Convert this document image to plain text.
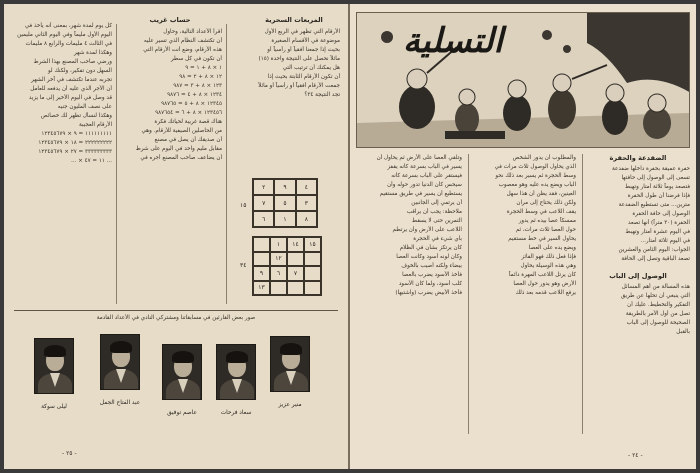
المربعات السحرية
الأرقام التي تظهر في الربع الأول
موضوعة في الأقسام الصغيرة
بحيث إذا جمعنا أفقياً أو رأسياً أو
مائلاً نحصل على النتيجة واحدة (١٥)
هل يمكنك أن ترتيب التي
أن تكون الأرقام الثابتة بحيث إذا
جمعت الأرقام أفقياً أو رأسياً أو مائلاً
تجد النتيجة ٣٤؟
١٥
٤
٩
٢
٣
٥
٧
٨
١
٦
٣٤
١٥
١٤
١
١٢
٧
٦
٩
١٣
حساب غريب
اقرأ الأعداد التالية، وحاول
أن تكتشف النظام الذي تسير عليه
هذه الأرقام، وضع أنت الأرقام التي
أن تكون في كل سطر
١ × ٨ + ١ = ٩
١٢ × ٨ + ٢ = ٩٨
١٢٣ × ٨ + ٣ = ٩٨٧
١٢٣٤ × ٨ + ٤ = ٩٨٧٦
١٢٣٤٥ × ٨ + ٥ = ٩٨٧٦٥
١٢٣٤٥٦ × ٨ + ٦ = ٩٨٧٦٥٤
هناك قصة غريبة لحياتك فكرة
من الحاصلين الصيفية للأرقام. وهي
أن صديقك أن يصل في مصنع
مقابل مليم واحد في اليوم على شرط
أن يضاعف صاحب المصنع أجره في
كل يوم لمدة شهر، بمعنى أنه يأخذ في
اليوم الأول مليماً وفي اليوم الثاني مليمين
في الثالث ٤ مليمات والرابع ٨ مليمات
وهكذا لمدة شهر
ورضي صاحب المصنع بهذا الشرط
السهل دون تفكير، ولكنك لو
تجربه عندما تكتشف في آخر الشهر
أن الأجر الذي عليه أن يدفعه للعامل
قد وصل في اليوم الأخير إلى ما يزيد
على نصف المليون جنيه
وهكذا لنسأل تظهر لك خصائص
الأرقام العجيبة
١١١١١١١١١ = ٩ × ١٢٣٤٥٦٧٩
٢٢٢٢٢٢٢٢٢ = ١٨ × ١٢٣٤٥٦٧٩
٣٣٣٣٣٣٣٣٣ = ٢٧ × ١٢٣٤٥٦٧٩
... ١١ = ٤٧ × ...
صور بعض القارئين في مسابقاتنا ومشتركي النادي في الأعداد القادمة
ليلى سوكة
عبد الفتاح الجمل
عاصم توفيق	سعاد فرحات
منير عزيز
- ٢٥ -
التسلية
الضفدعة والحفرة
حفرة عميقة بحفرة داخلها ضفدعة
تسعى إلى الوصول إلى حافتها
فتصعد يوماً ثلاثة أمتار وتهبط
فإذا فرضنا أن طول الحفرة
مترين... متى تستطيع الضفدعة
الوصول إلى حافة الحفرة
الحفرة (٣٠ متراً) أنها تصعد
في اليوم عشرة أمتار وتهبط
في اليوم ثلاثة أمتار...
الجواب: اليوم الثامن والعشرين
تصعد الباقية وتصل إلى الحافة
الوصول إلى الباب
هذه المسألة من أهم المسائل
التي ينبغي أن تحلها عن طريق
التفكير والتخطيط. عليك أن
تصل من أول الأمر بالطريقة
الصحيحة للوصول إلى الباب
بالقبل
والمطلوب أن يدور الشخص
الذي يحاول الوصول ثلاث مرات في
وسط الحجرة ثم يسير بعد ذلك نحو
الباب ويضع يده عليه وهو معصوب
العينين، فقد يظن أن هذا سهل
ولكن ذلك يحتاج إلى مران
يقف اللاعب في وسط الحجرة
ممسكاً عصا بيده ثم يدور
حول العصا ثلاث مرات، ثم
يحاول السير في خط مستقيم
ويضع يده على العصا
فإذا فعل ذلك فهو الفائز
وهي هذه الوسيلة يحاول
كان يرتل اللاعب المهرة دائماً
الأرض وهو يدور حول العصا
يرفع اللاعب قدمه بعد ذلك
وتلقي العصا على الأرض ثم يحاول أن
يسير في الباب بسرعة كأنه يقفز
فيستقر على الباب بسرعة كأنه
سيحس كأن الدنيا تدور حوله وأن
يستطيع أن يسير في طريق مستقيم
أن يرتمي إلى الجانبين
ملاحظة: يجب أن يراقب
التمرين حتى لا يسقط
اللاعب على الأرض وأن يرتطم
بأي شيء في الحجرة
كان يرتكز بشأن في الظلام
وكان لونه أسود وكانت العصا
بيضاء ولكنه أصيب بالخوف
فأخذ الأسود يضرب بالعصا
كلب أسود، ولما كان الأسود
فأخذ الأبيض يضرب (واشتبها)
- ٢٤ -
